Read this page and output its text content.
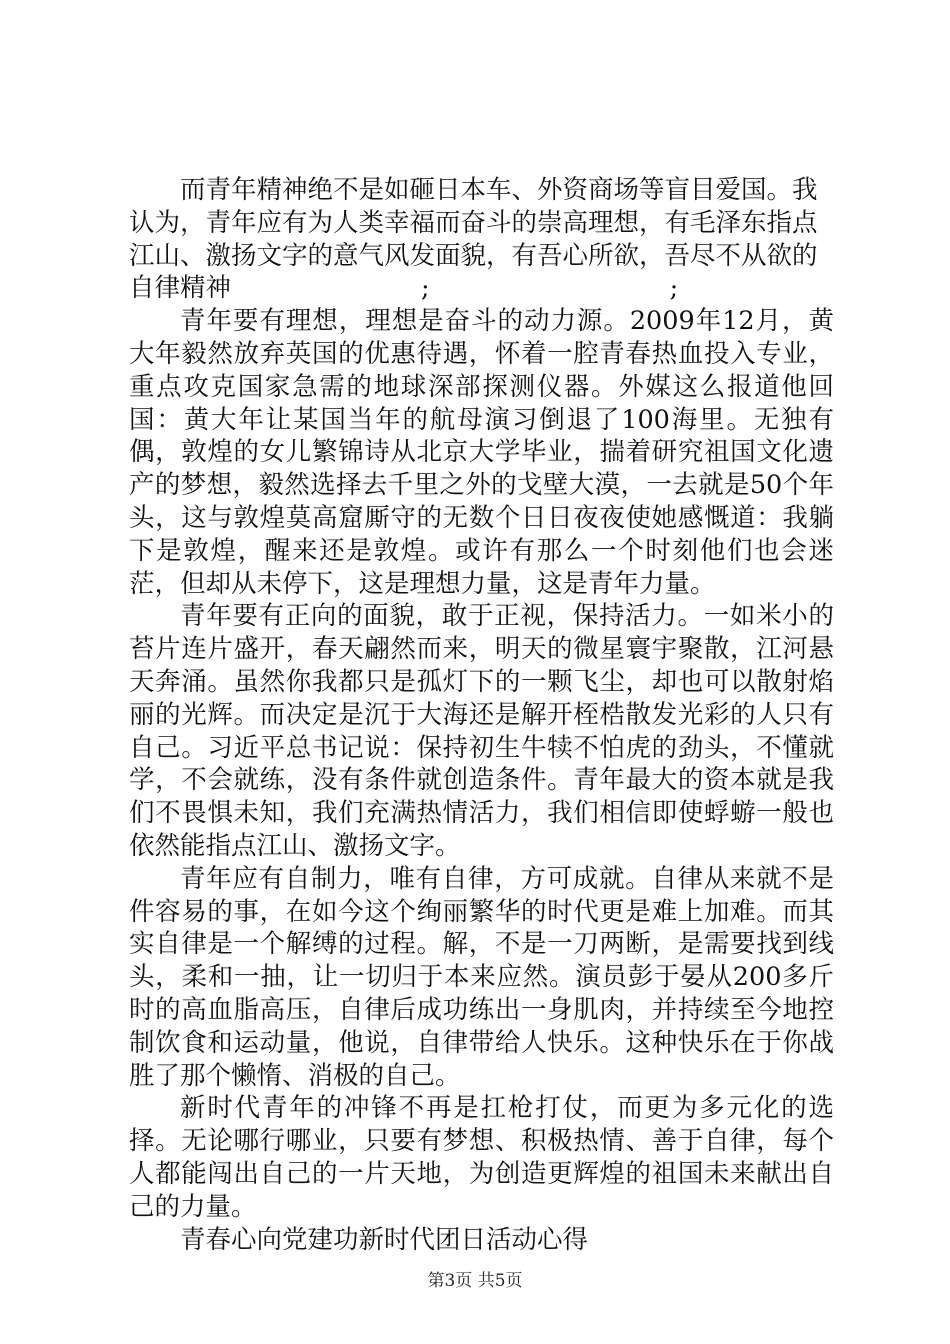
而青年精神绝不是如砸日本车、外资商场等盲目爱国。我
认为，青年应有为人类幸福而奋斗的崇高理想，有毛泽东指点
江山、激扬文字的意气风发面貌，有吾心所欲，吾尽不从欲的
自律精神	;	;

青年要有理想，理想是奋斗的动力源。2009年12月，黄大年毅然放弃英国的优惠待遇，怀着一腔青春热血投入专业，重点攻克国家急需的地球深部探测仪器。外媒这么报道他回国：黄大年让某国当年的航母演习倒退了100海里。无独有偶，敦煌的女儿繁锦诗从北京大学毕业，揣着研究祖国文化遗产的梦想，毅然选择去千里之外的戈壁大漠，一去就是50个年头，这与敦煌莫高窟厮守的无数个日日夜夜使她感慨道：我躺下是敦煌，醒来还是敦煌。或许有那么一个时刻他们也会迷茫，但却从未停下，这是理想力量，这是青年力量。

青年要有正向的面貌，敢于正视，保持活力。一如米小的苔片连片盛开，春天翩然而来，明天的微星寰宇聚散，江河悬天奔涌。虽然你我都只是孤灯下的一颗飞尘，却也可以散射焰丽的光辉。而决定是沉于大海还是解开桎梏散发光彩的人只有自己。习近平总书记说：保持初生牛犊不怕虎的劲头，不懂就学，不会就练，没有条件就创造条件。青年最大的资本就是我们不畏惧未知，我们充满热情活力，我们相信即使蜉蝣一般也依然能指点江山、激扬文字。

青年应有自制力，唯有自律，方可成就。自律从来就不是件容易的事，在如今这个绚丽繁华的时代更是难上加难。而其实自律是一个解缚的过程。解，不是一刀两断，是需要找到线头，柔和一抽，让一切归于本来应然。演员彭于晏从200多斤时的高血脂高压，自律后成功练出一身肌肉，并持续至今地控制饮食和运动量，他说，自律带给人快乐。这种快乐在于你战胜了那个懒惰、消极的自己。

新时代青年的冲锋不再是扛枪打仗，而更为多元化的选择。无论哪行哪业，只要有梦想、积极热情、善于自律，每个人都能闯出自己的一片天地，为创造更辉煌的祖国未来献出自己的力量。

青春心向党建功新时代团日活动心得

第3页 共5页
